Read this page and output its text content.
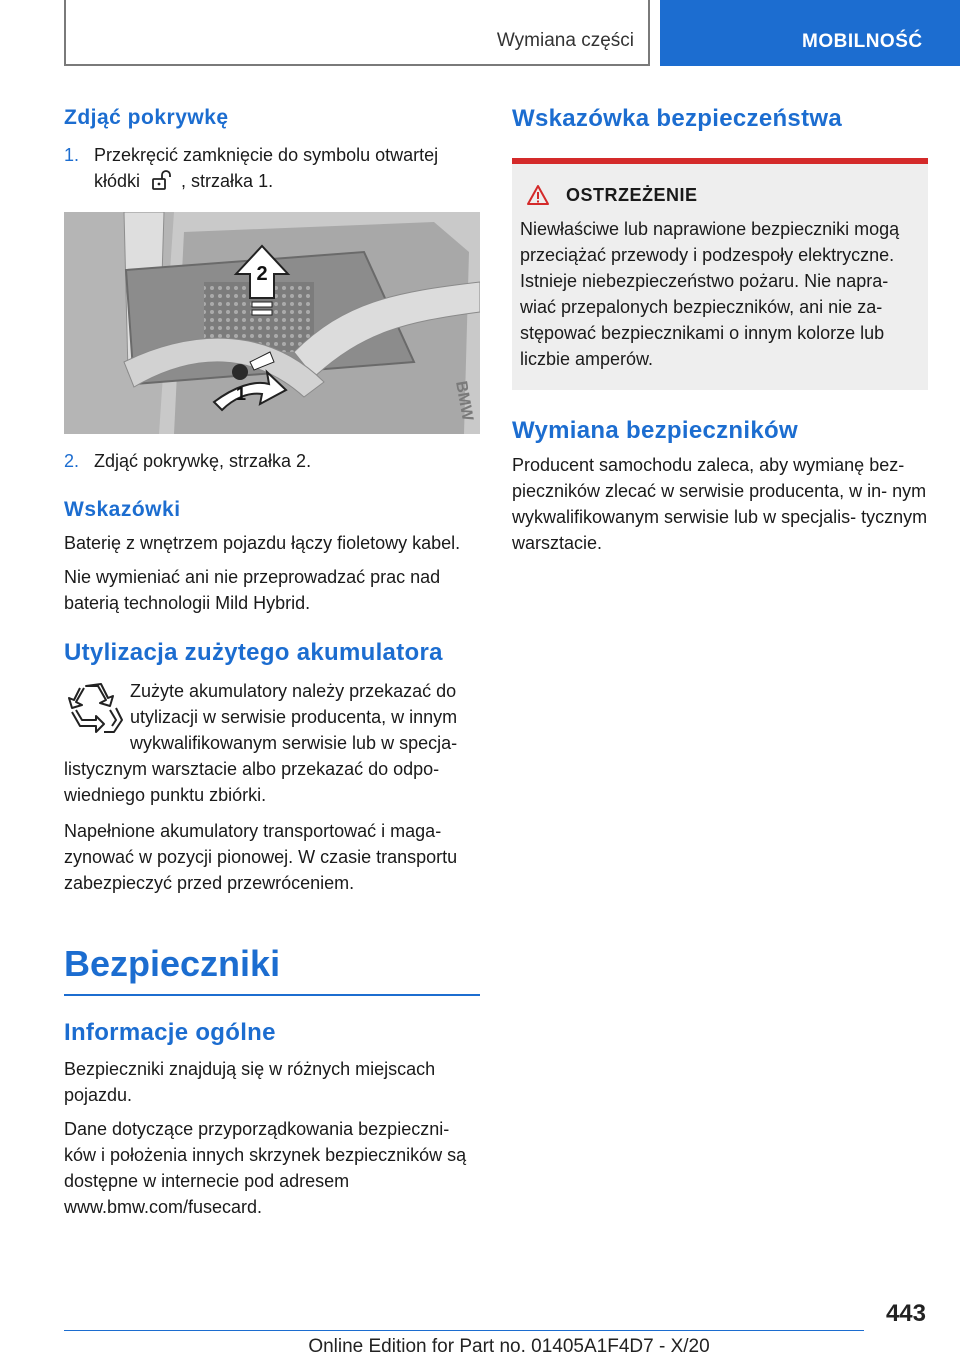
Wymiana części	MOBILNOŚĆ
Zdjąć pokrywkę
1. Przekręcić zamknięcie do symbolu otwartej kłódki , strzałka 1.
2
1	BMW
2. Zdjąć pokrywkę, strzałka 2.
Wskazówki

Baterię z wnętrzem pojazdu łączy fioletowy kabel.

Nie wymieniać ani nie przeprowadzać prac nad baterią technologii Mild Hybrid.

Utylizacja zużytego akumulatora

Zużyte akumulatory należy przekazać do utylizacji w serwisie producenta, w innym wykwalifikowanym serwisie lub w specja- listycznym warsztacie albo przekazać do odpo- wiedniego punktu zbiórki.

Napełnione akumulatory transportować i maga- zynować w pozycji pionowej. W czasie transportu zabezpieczyć przed przewróceniem.

Bezpieczniki
Informacje ogólne

Bezpieczniki znajdują się w różnych miejscach pojazdu.

Dane dotyczące przyporządkowania bezpieczni- ków i położenia innych skrzynek bezpieczników są dostępne w internecie pod adresem www.bmw.com/fusecard.

Wskazówka bezpieczeństwa
OSTRZEŻENIE

Niewłaściwe lub naprawione bezpieczniki mogą przeciążać przewody i podzespoły elektryczne. Istnieje niebezpieczeństwo pożaru. Nie napra- wiać przepalonych bezpieczników, ani nie za- stępować bezpiecznikami o innym kolorze lub liczbie amperów.

Wymiana bezpieczników

Producent samochodu zaleca, aby wymianę bez- pieczników zlecać w serwisie producenta, w in- nym wykwalifikowanym serwisie lub w specjalis- tycznym warsztacie.

443
Online Edition for Part no. 01405A1F4D7 - X/20
